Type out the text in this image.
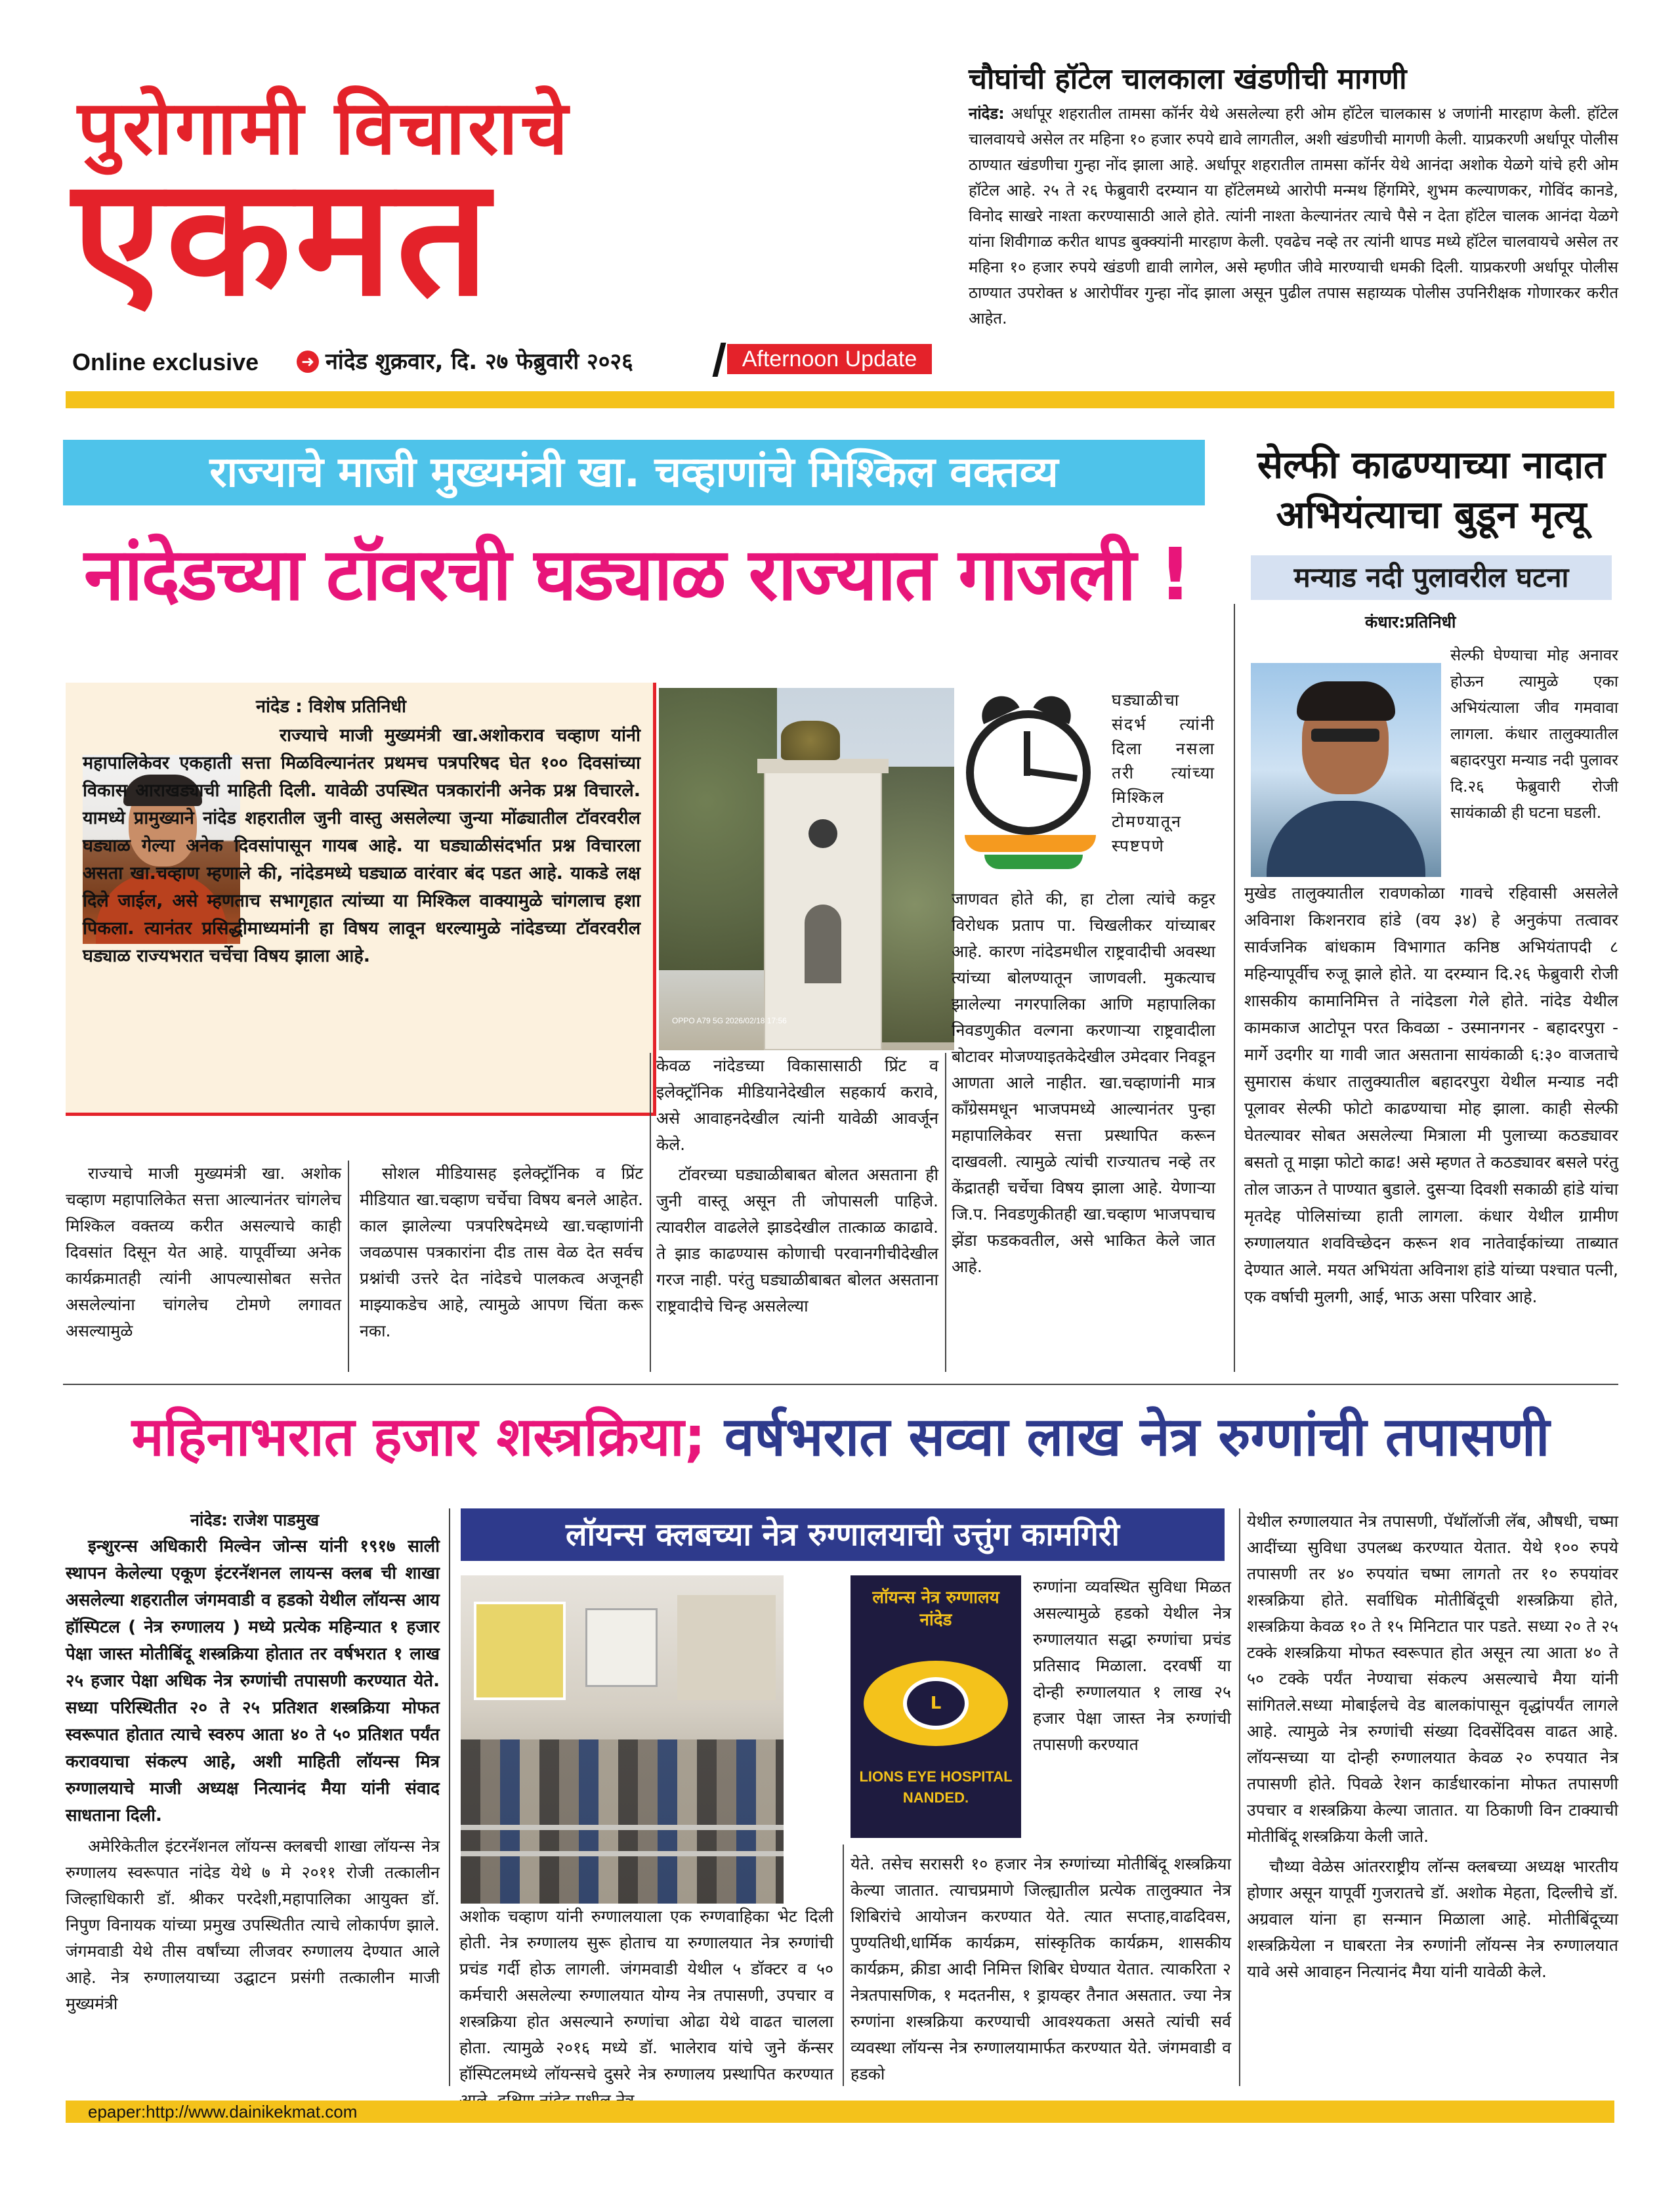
पुरोगामी विचाराचे
एकमत
Online exclusive	➜ नांदेड शुक्रवार, दि. २७ फेब्रुवारी २०२६	Afternoon Update
चौघांची हॉटेल चालकाला खंडणीची मागणी
नांदेड: अर्धापूर शहरातील तामसा कॉर्नर येथे असलेल्या हरी ओम हॉटेल चालकास ४ जणांनी मारहाण केली. हॉटेल चालवायचे असेल तर महिना १० हजार रुपये द्यावे लागतील, अशी खंडणीची मागणी केली. याप्रकरणी अर्धापूर पोलीस ठाण्यात खंडणीचा गुन्हा नोंद झाला आहे. अर्धापूर शहरातील तामसा कॉर्नर येथे आनंदा अशोक येळगे यांचे हरी ओम हॉटेल आहे. २५ ते २६ फेब्रुवारी दरम्यान या हॉटेलमध्ये आरोपी मन्मथ हिंगमिरे, शुभम कल्याणकर, गोविंद कानडे, विनोद साखरे नाश्ता करण्यासाठी आले होते. त्यांनी नाश्ता केल्यानंतर त्याचे पैसे न देता हॉटेल चालक आनंदा येळगे यांना शिवीगाळ करीत थापड बुक्क्यांनी मारहाण केली. एवढेच नव्हे तर त्यांनी थापड मध्ये हॉटेल चालवायचे असेल तर महिना १० हजार रुपये खंडणी द्यावी लागेल, असे म्हणीत जीवे मारण्याची धमकी दिली. याप्रकरणी अर्धापूर पोलीस ठाण्यात उपरोक्त ४ आरोपींवर गुन्हा नोंद झाला असून पुढील तपास सहाय्यक पोलीस उपनिरीक्षक गोणारकर करीत आहेत.
राज्याचे माजी मुख्यमंत्री खा. चव्हाणांचे मिश्किल वक्तव्य
नांदेडच्या टॉवरची घड्याळ राज्यात गाजली !
नांदेड : विशेष प्रतिनिधी
राज्याचे माजी मुख्यमंत्री खा.अशोकराव चव्हाण यांनी महापालिकेवर एकहाती सत्ता मिळविल्यानंतर प्रथमच पत्रपरिषद घेत १०० दिवसांच्या विकास आराखड्याची माहिती दिली. यावेळी उपस्थित पत्रकारांनी अनेक प्रश्न विचारले. यामध्ये प्रामुख्याने नांदेड शहरातील जुनी वास्तु असलेल्या जुन्या मोंढ्यातील टॉवरवरील घड्याळ गेल्या अनेक दिवसांपासून गायब आहे. या घड्याळीसंदर्भात प्रश्न विचारला असता खा.चव्हाण म्हणाले की, नांदेडमध्ये घड्याळ वारंवार बंद पडत आहे. याकडे लक्ष दिले जाईल, असे म्हणताच सभागृहात त्यांच्या या मिश्किल वाक्यामुळे चांगलाच हशा पिकला. त्यानंतर प्रसिद्धीमाध्यमांनी हा विषय लावून धरल्यामुळे नांदेडच्या टॉवरवरील घड्याळ राज्यभरात चर्चेचा विषय झाला आहे.
OPPO A79 5G 2026/02/18 17:56
घड्याळीचा संदर्भ त्यांनी दिला नसला तरी त्यांच्या मिश्किल टोमण्यातून स्पष्टपणे
जाणवत होते की, हा टोला त्यांचे कट्टर विरोधक प्रताप पा. चिखलीकर यांच्याबर आहे. कारण नांदेडमधील राष्ट्रवादीची अवस्था त्यांच्या बोलण्यातून जाणवली. मुकत्याच झालेल्या नगरपालिका आणि महापालिका निवडणुकीत वल्गना करणाऱ्या राष्ट्रवादीला बोटावर मोजण्याइतकेदेखील उमेदवार निवडून आणता आले नाहीत. खा.चव्हाणांनी मात्र काँग्रेसमधून भाजपमध्ये आल्यानंतर पुन्हा महापालिकेवर सत्ता प्रस्थापित करून दाखवली. त्यामुळे त्यांची राज्यातच नव्हे तर केंद्रातही चर्चेचा विषय झाला आहे. येणाऱ्या जि.प. निवडणुकीतही खा.चव्हाण भाजपचाच झेंडा फडकवतील, असे भाकित केले जात आहे.

केवळ नांदेडच्या विकासासाठी प्रिंट व इलेक्ट्रॉनिक मीडियानेदेखील सहकार्य करावे, असे आवाहनदेखील त्यांनी यावेळी आवर्जून केले.

टॉवरच्या घड्याळीबाबत बोलत असताना ही जुनी वास्तू असून ती जोपासली पाहिजे. त्यावरील वाढलेले झाडदेखील तात्काळ काढावे. ते झाड काढण्यास कोणाची परवानगीचीदेखील गरज नाही. परंतु घड्याळीबाबत बोलत असताना राष्ट्रवादीचे चिन्ह असलेल्या

राज्याचे माजी मुख्यमंत्री खा. अशोक चव्हाण महापालिकेत सत्ता आल्यानंतर चांगलेच मिश्किल वक्तव्य करीत असल्याचे काही दिवसांत दिसून येत आहे. यापूर्वीच्या अनेक कार्यक्रमातही त्यांनी आपल्यासोबत सत्तेत असलेल्यांना चांगलेच टोमणे लगावत असल्यामुळे
सोशल मीडियासह इलेक्ट्रॉनिक व प्रिंट मीडियात खा.चव्हाण चर्चेचा विषय बनले आहेत. काल झालेल्या पत्रपरिषदेमध्ये खा.चव्हाणांनी जवळपास पत्रकारांना दीड तास वेळ देत सर्वच प्रश्नांची उत्तरे देत नांदेडचे पालकत्व अजूनही माझ्याकडेच आहे, त्यामुळे आपण चिंता करू नका.
सेल्फी काढण्याच्या नादात अभियंत्याचा बुडून मृत्यू
मन्याड नदी पुलावरील घटना
कंधार:प्रतिनिधी
सेल्फी घेण्याचा मोह अनावर होऊन त्यामुळे एका अभियंत्याला जीव गमवावा लागला. कंधार तालुक्यातील बहादरपुरा मन्याड नदी पुलावर दि.२६ फेब्रुवारी रोजी सायंकाळी ही घटना घडली.
मुखेड तालुक्यातील रावणकोळा गावचे रहिवासी असलेले अविनाश किशनराव हांडे (वय ३४) हे अनुकंपा तत्वावर सार्वजनिक बांधकाम विभागात कनिष्ठ अभियंतापदी ८ महिन्यापूर्वीच रुजू झाले होते. या दरम्यान दि.२६ फेब्रुवारी रोजी शासकीय कामानिमित्त ते नांदेडला गेले होते. नांदेड येथील कामकाज आटोपून परत किवळा - उस्मानगनर - बहादरपुरा - मार्गे उदगीर या गावी जात असताना सायंकाळी ६:३० वाजताचे सुमारास कंधार तालुक्यातील बहादरपुरा येथील मन्याड नदी पूलावर सेल्फी फोटो काढण्याचा मोह झाला. काही सेल्फी घेतल्यावर सोबत असलेल्या मित्राला मी पुलाच्या कठड्यावर बसतो तू माझा फोटो काढ! असे म्हणत ते कठड्यावर बसले परंतु तोल जाऊन ते पाण्यात बुडाले. दुसऱ्या दिवशी सकाळी हांडे यांचा मृतदेह पोलिसांच्या हाती लागला. कंधार येथील ग्रामीण रुग्णालयात शवविच्छेदन करून शव नातेवाईकांच्या ताब्यात देण्यात आले. मयत अभियंता अविनाश हांडे यांच्या पश्चात पत्नी, एक वर्षाची मुलगी, आई, भाऊ असा परिवार आहे.
महिनाभरात हजार शस्त्रक्रिया; वर्षभरात सव्वा लाख नेत्र रुग्णांची तपासणी
लॉयन्स क्लबच्या नेत्र रुग्णालयाची उत्तुंग कामगिरी
नांदेड: राजेश पाडमुख

इन्शुरन्स अधिकारी मिल्वेन जोन्स यांनी १९१७ साली स्थापन केलेल्या एकूण इंटरनॅशनल लायन्स क्लब ची शाखा असलेल्या शहरातील जंगमवाडी व हडको येथील लॉयन्स आय हॉस्पिटल ( नेत्र रुग्णालय ) मध्ये प्रत्येक महिन्यात १ हजार पेक्षा जास्त मोतीबिंदू शस्त्रक्रिया होतात तर वर्षभरात १ लाख २५ हजार पेक्षा अधिक नेत्र रुग्णांची तपासणी करण्यात येते. सध्या परिस्थितीत २० ते २५ प्रतिशत शस्त्रक्रिया मोफत स्वरूपात होतात त्याचे स्वरुप आता ४० ते ५० प्रतिशत पर्यंत करावयाचा संकल्प आहे, अशी माहिती लॉयन्स मित्र रुग्णालयाचे माजी अध्यक्ष नित्यानंद मैया यांनी संवाद साधताना दिली.

अमेरिकेतील इंटरनॅशनल लॉयन्स क्लबची शाखा लॉयन्स नेत्र रुग्णालय स्वरूपात नांदेड येथे ७ मे २०११ रोजी तत्कालीन जिल्हाधिकारी डॉ. श्रीकर परदेशी,महापालिका आयुक्त डॉ. निपुण विनायक यांच्या प्रमुख उपस्थितीत त्याचे लोकार्पण झाले. जंगमवाडी येथे तीस वर्षांच्या लीजवर रुग्णालय देण्यात आले आहे. नेत्र रुग्णालयाच्या उद्घाटन प्रसंगी तत्कालीन माजी मुख्यमंत्री

लॉयन्स नेत्र रुग्णालय
नांदेड
L
LIONS EYE HOSPITAL
NANDED.
रुग्णांना व्यवस्थित सुविधा मिळत असल्यामुळे हडको येथील नेत्र रुग्णालयात सद्धा रुग्णांचा प्रचंड प्रतिसाद मिळाला. दरवर्षी या दोन्ही रुग्णालयात १ लाख २५ हजार पेक्षा जास्त नेत्र रुग्णांची तपासणी करण्यात
अशोक चव्हाण यांनी रुग्णालयाला एक रुग्णवाहिका भेट दिली होती. नेत्र रुग्णालय सुरू होताच या रुग्णालयात नेत्र रुग्णांची प्रचंड गर्दी होऊ लागली. जंगमवाडी येथील ५ डॉक्टर व ५० कर्मचारी असलेल्या रुग्णालयात योग्य नेत्र तपासणी, उपचार व शस्त्रक्रिया होत असल्याने रुग्णांचा ओढा येथे वाढत चालला होता. त्यामुळे २०१६ मध्ये डॉ. भालेराव यांचे जुने कॅन्सर हॉस्पिटलमध्ये लॉयन्सचे दुसरे नेत्र रुग्णालय प्रस्थापित करण्यात
येते. तसेच सरासरी १० हजार नेत्र रुग्णांच्या मोतीबिंदू शस्त्रक्रिया केल्या जातात. त्याचप्रमाणे जिल्ह्यातील प्रत्येक तालुक्यात नेत्र शिबिरांचे आयोजन करण्यात येते. त्यात सप्ताह,वाढदिवस, पुण्यतिथी,धार्मिक कार्यक्रम, सांस्कृतिक कार्यक्रम, शासकीय कार्यक्रम, क्रीडा आदी निमित्त शिबिर घेण्यात येतात. त्याकरिता २ नेत्रतपासणिक, १ मदतनीस, १ ड्रायव्हर तैनात असतात. ज्या नेत्र रुग्णांना शस्त्रक्रिया करण्याची आवश्यकता असते त्यांची सर्व व्यवस्था लॉयन्स नेत्र रुग्णालयामार्फत करण्यात येते. जंगमवाडी व हडको

येथील रुग्णालयात नेत्र तपासणी, पॅथॉलॉजी लॅब, औषधी, चष्मा आदींच्या सुविधा उपलब्ध करण्यात येतात. येथे १०० रुपये तपासणी तर ४० रुपयांत चष्मा लागतो तर १० रुपयांवर शस्त्रक्रिया होते. सर्वाधिक मोतीबिंदूची शस्त्रक्रिया होते, शस्त्रक्रिया केवळ १० ते १५ मिनिटात पार पडते. सध्या २० ते २५ टक्के शस्त्रक्रिया मोफत स्वरूपात होत असून त्या आता ४० ते ५० टक्के पर्यंत नेण्याचा संकल्प असल्याचे मैया यांनी सांगितले.सध्या मोबाईलचे वेड बालकांपासून वृद्धांपर्यंत लागले आहे. त्यामुळे नेत्र रुग्णांची संख्या दिवसेंदिवस वाढत आहे. लॉयन्सच्या या दोन्ही रुग्णालयात केवळ २० रुपयात नेत्र तपासणी होते. पिवळे रेशन कार्डधारकांना मोफत तपासणी उपचार व शस्त्रक्रिया केल्या जातात. या ठिकाणी विन टाक्याची मोतीबिंदू शस्त्रक्रिया केली जाते.

चौथ्या वेळेस आंतरराष्ट्रीय लॉन्स क्लबच्या अध्यक्ष भारतीय होणार असून यापूर्वी गुजरातचे डॉ. अशोक मेहता, दिल्लीचे डॉ. अग्रवाल यांना हा सन्मान मिळाला आहे. मोतीबिंदूच्या शस्त्रक्रियेला न घाबरता नेत्र रुग्णांनी लॉयन्स नेत्र रुग्णालयात यावे असे आवाहन नित्यानंद मैया यांनी यावेळी केले.

epaper:http://www.dainikekmat.com
